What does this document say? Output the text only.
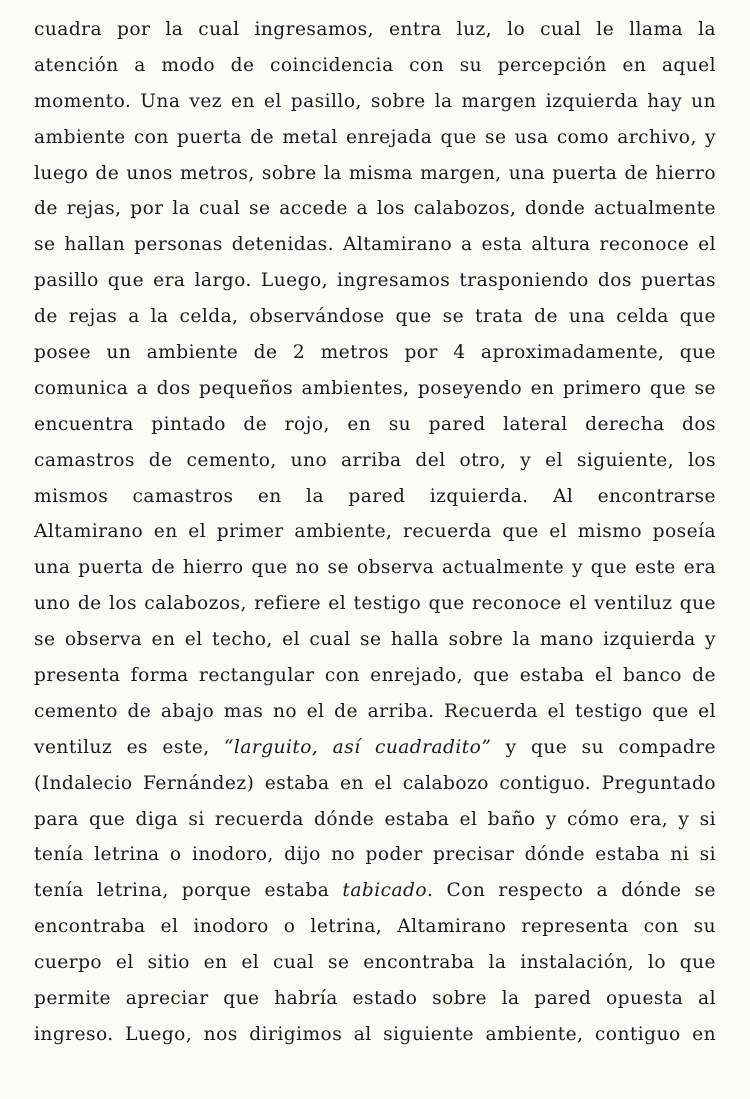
cuadra por la cual ingresamos, entra luz, lo cual le llama la
atención a modo de coincidencia con su percepción en aquel
momento. Una vez en el pasillo, sobre la margen izquierda hay un
ambiente con puerta de metal enrejada que se usa como archivo, y
luego de unos metros, sobre la misma margen, una puerta de hierro
de rejas, por la cual se accede a los calabozos, donde actualmente
se hallan personas detenidas. Altamirano a esta altura reconoce el
pasillo que era largo. Luego, ingresamos trasponiendo dos puertas
de rejas a la celda, observándose que se trata de una celda que
posee un ambiente de 2 metros por 4 aproximadamente, que
comunica a dos pequeños ambientes, poseyendo en primero que se
encuentra pintado de rojo, en su pared lateral derecha dos
camastros de cemento, uno arriba del otro, y el siguiente, los
mismos camastros en la pared izquierda. Al encontrarse
Altamirano en el primer ambiente, recuerda que el mismo poseía
una puerta de hierro que no se observa actualmente y que este era
uno de los calabozos, refiere el testigo que reconoce el ventiluz que
se observa en el techo, el cual se halla sobre la mano izquierda y
presenta forma rectangular con enrejado, que estaba el banco de
cemento de abajo mas no el de arriba. Recuerda el testigo que el
ventiluz es este, “larguito, así cuadradito” y que su compadre
(Indalecio Fernández) estaba en el calabozo contiguo. Preguntado
para que diga si recuerda dónde estaba el baño y cómo era, y si
tenía letrina o inodoro, dijo no poder precisar dónde estaba ni si
tenía letrina, porque estaba tabicado. Con respecto a dónde se
encontraba el inodoro o letrina, Altamirano representa con su
cuerpo el sitio en el cual se encontraba la instalación, lo que
permite apreciar que habría estado sobre la pared opuesta al
ingreso. Luego, nos dirigimos al siguiente ambiente, contiguo en
